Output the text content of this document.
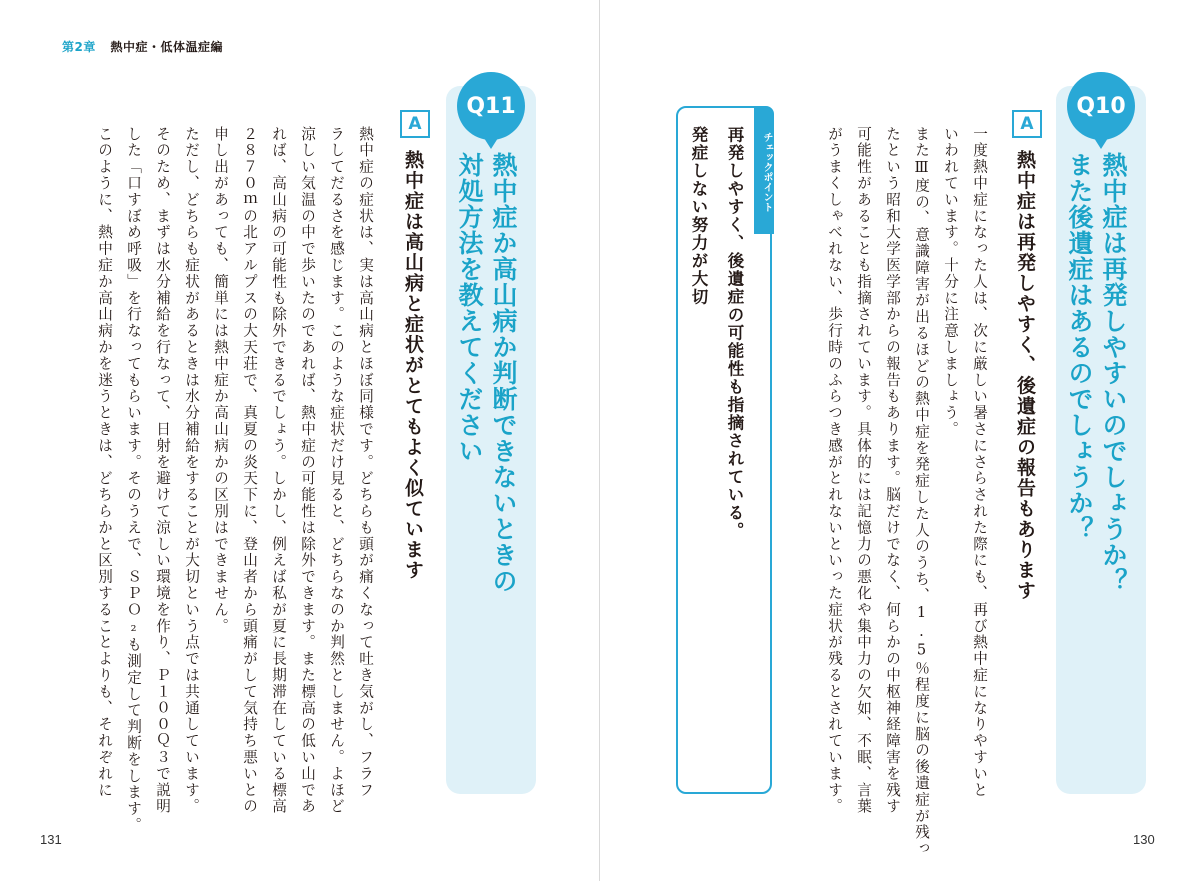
第2章 熱中症・低体温症編
Q10
熱中症は再発しやすいのでしょうか？
また後遺症はあるのでしょうか？
A
熱中症は再発しやすく、後遺症の報告もあります

一度熱中症になった人は、次に厳しい暑さにさらされた際にも、再び熱中症になりやすいと

いわれています。十分に注意しましょう。

またⅢ度の、意識障害が出るほどの熱中症を発症した人のうち、1.5％程度に脳の後遺症が残っ

たという昭和大学医学部からの報告もあります。脳だけでなく、何らかの中枢神経障害を残す

可能性があることも指摘されています。具体的には記憶力の悪化や集中力の欠如、不眠、言葉

がうまくしゃべれない、歩行時のふらつき感がとれないといった症状が残るとされています。

チェックポイント
再発しやすく、後遺症の可能性も指摘されている。
発症しない努力が大切
130
Q11
熱中症か高山病か判断できないときの
対処方法を教えてください
A
熱中症は高山病と症状がとてもよく似ています

熱中症の症状は、実は高山病とほぼ同様です。どちらも頭が痛くなって吐き気がし、フラフ

ラしてだるさを感じます。このような症状だけ見ると、どちらなのか判然としません。よほど

涼しい気温の中で歩いたのであれば、熱中症の可能性は除外できます。また標高の低い山であ

れば、高山病の可能性も除外できるでしょう。しかし、例えば私が夏に長期滞在している標高

２８７０ｍの北アルプスの大天荘で、真夏の炎天下に、登山者から頭痛がして気持ち悪いとの

申し出があっても、簡単には熱中症か高山病かの区別はできません。

ただし、どちらも症状があるときは水分補給をすることが大切という点では共通しています。

そのため、まずは水分補給を行なって、日射を避けて涼しい環境を作り、Ｐ１００Ｑ３で説明

した「口すぼめ呼吸」を行なってもらいます。そのうえで、ＳＰＯ₂も測定して判断をします。

このように、熱中症か高山病かを迷うときは、どちらかと区別することよりも、それぞれに

131
